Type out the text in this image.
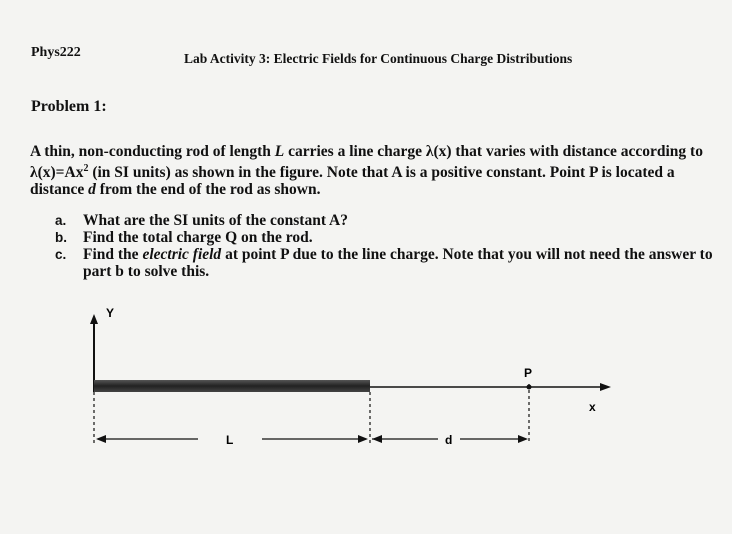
Phys222	Lab Activity 3: Electric Fields for Continuous Charge Distributions
Problem 1:
A thin, non-conducting rod of length L carries a line charge λ(x) that varies with distance according to $\lambda(x)=Ax^2$ (in SI units) as shown in the figure. Note that A is a positive constant. Point P is located a distance d from the end of the rod as shown.
a.	What are the SI units of the constant A?
b.	Find the total charge Q on the rod.
c.	Find the electric field at point P due to the line charge. Note that you will not need the answer to part b to solve this.
Y
x
P
L	d
